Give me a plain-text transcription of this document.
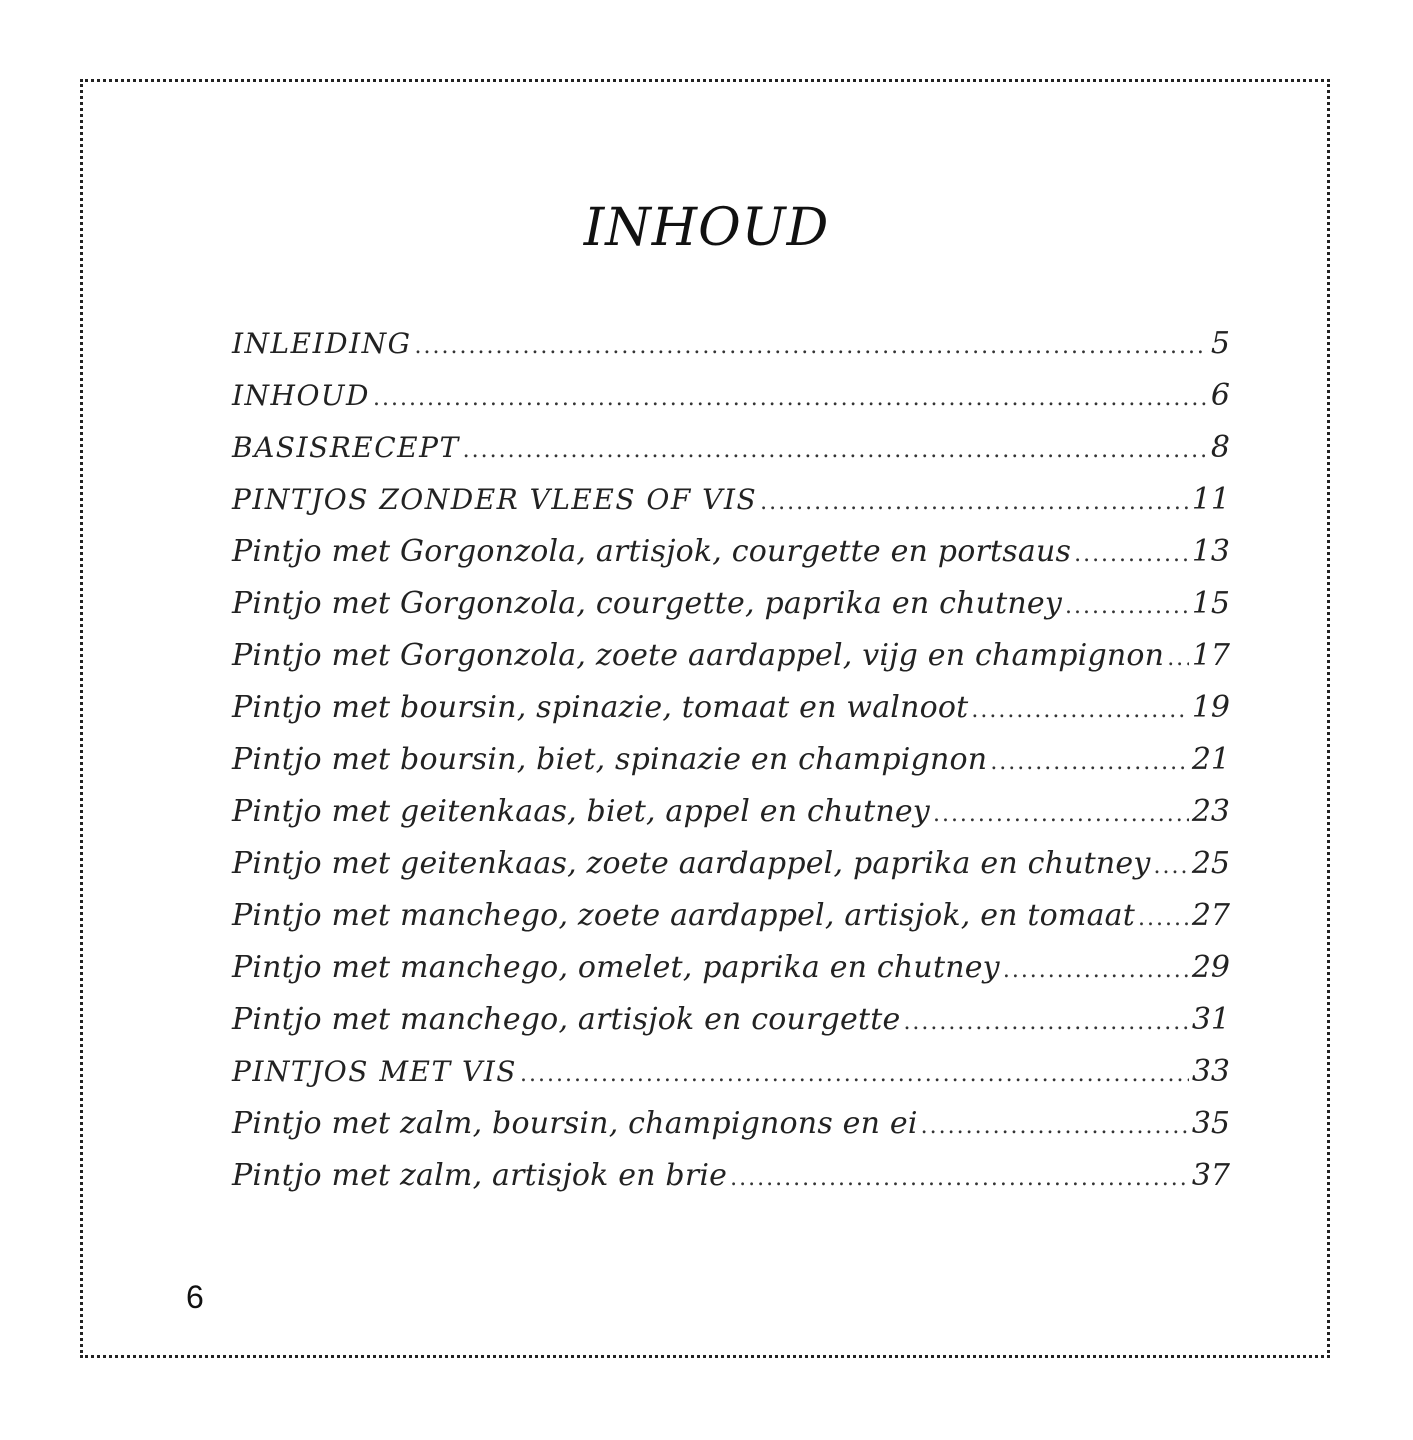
INHOUD
INLEIDING .....	5
INHOUD .....	6
BASISRECEPT .....	8
PINTJOS ZONDER VLEES OF VIS .....	11
Pintjo met Gorgonzola, artisjok, courgette en portsaus .....	13
Pintjo met Gorgonzola, courgette, paprika en chutney .....	15
Pintjo met Gorgonzola, zoete aardappel, vijg en champignon ..... 17
Pintjo met boursin, spinazie, tomaat en walnoot .....	19
Pintjo met boursin, biet, spinazie en champignon .....	21
Pintjo met geitenkaas, biet, appel en chutney .....	23
Pintjo met geitenkaas, zoete aardappel, paprika en chutney ..... 25
Pintjo met manchego, zoete aardappel, artisjok, en tomaat ..... 27
Pintjo met manchego, omelet, paprika en chutney .....	29
Pintjo met manchego, artisjok en courgette .....	31
PINTJOS MET VIS .....	33
Pintjo met zalm, boursin, champignons en ei .....	35
Pintjo met zalm, artisjok en brie .....	37
6
